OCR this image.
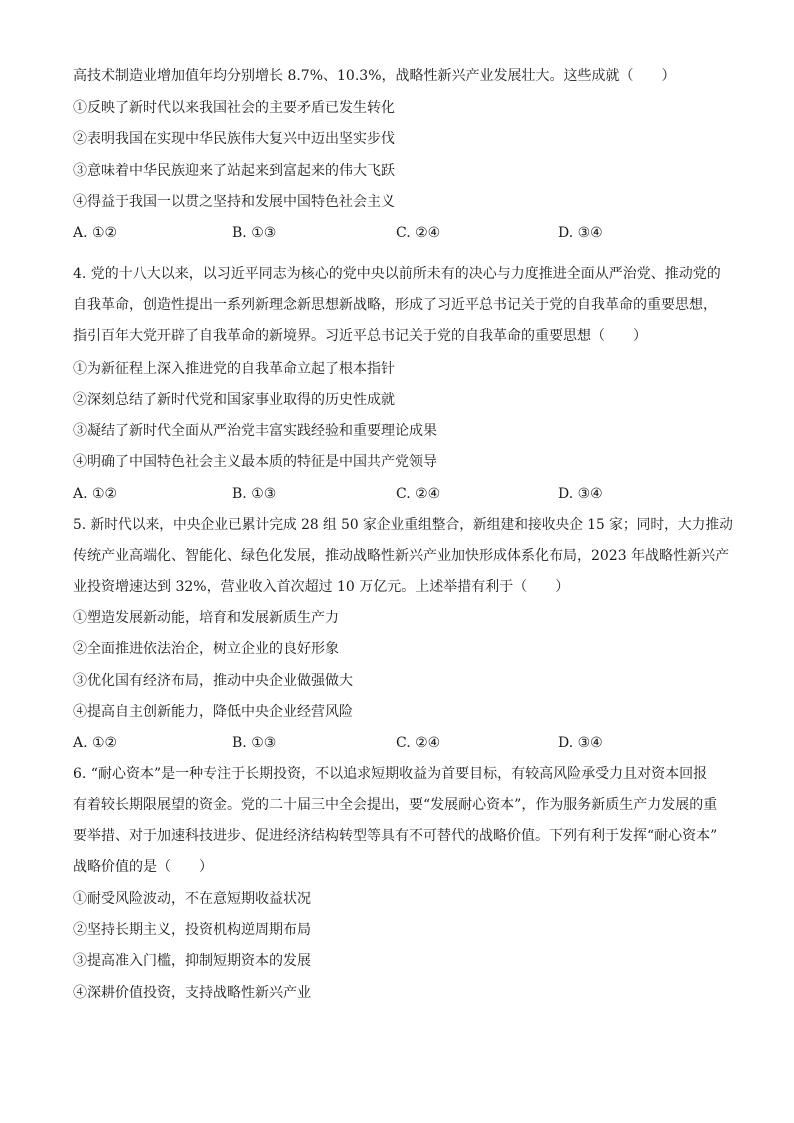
高技术制造业增加值年均分别增长 8.7%、10.3%，战略性新兴产业发展壮大。这些成就（　　）
①反映了新时代以来我国社会的主要矛盾已发生转化
②表明我国在实现中华民族伟大复兴中迈出坚实步伐
③意味着中华民族迎来了站起来到富起来的伟大飞跃
④得益于我国一以贯之坚持和发展中国特色社会主义
A. ①②	B. ①③	C. ②④	D. ③④
4. 党的十八大以来，以习近平同志为核心的党中央以前所未有的决心与力度推进全面从严治党、推动党的
自我革命，创造性提出一系列新理念新思想新战略，形成了习近平总书记关于党的自我革命的重要思想，
指引百年大党开辟了自我革命的新境界。习近平总书记关于党的自我革命的重要思想（　　）
①为新征程上深入推进党的自我革命立起了根本指针
②深刻总结了新时代党和国家事业取得的历史性成就
③凝结了新时代全面从严治党丰富实践经验和重要理论成果
④明确了中国特色社会主义最本质的特征是中国共产党领导
A. ①②	B. ①③	C. ②④	D. ③④
5. 新时代以来，中央企业已累计完成 28 组 50 家企业重组整合，新组建和接收央企 15 家；同时，大力推动
传统产业高端化、智能化、绿色化发展，推动战略性新兴产业加快形成体系化布局，2023 年战略性新兴产
业投资增速达到 32%，营业收入首次超过 10 万亿元。上述举措有利于（　　）
①塑造发展新动能，培育和发展新质生产力
②全面推进依法治企，树立企业的良好形象
③优化国有经济布局，推动中央企业做强做大
④提高自主创新能力，降低中央企业经营风险
A. ①②	B. ①③	C. ②④	D. ③④
6. “耐心资本”是一种专注于长期投资，不以追求短期收益为首要目标，有较高风险承受力且对资本回报
有着较长期限展望的资金。党的二十届三中全会提出，要“发展耐心资本”，作为服务新质生产力发展的重
要举措、对于加速科技进步、促进经济结构转型等具有不可替代的战略价值。下列有利于发挥“耐心资本”
战略价值的是（　　）
①耐受风险波动，不在意短期收益状况
②坚持长期主义，投资机构逆周期布局
③提高准入门槛，抑制短期资本的发展
④深耕价值投资，支持战略性新兴产业
